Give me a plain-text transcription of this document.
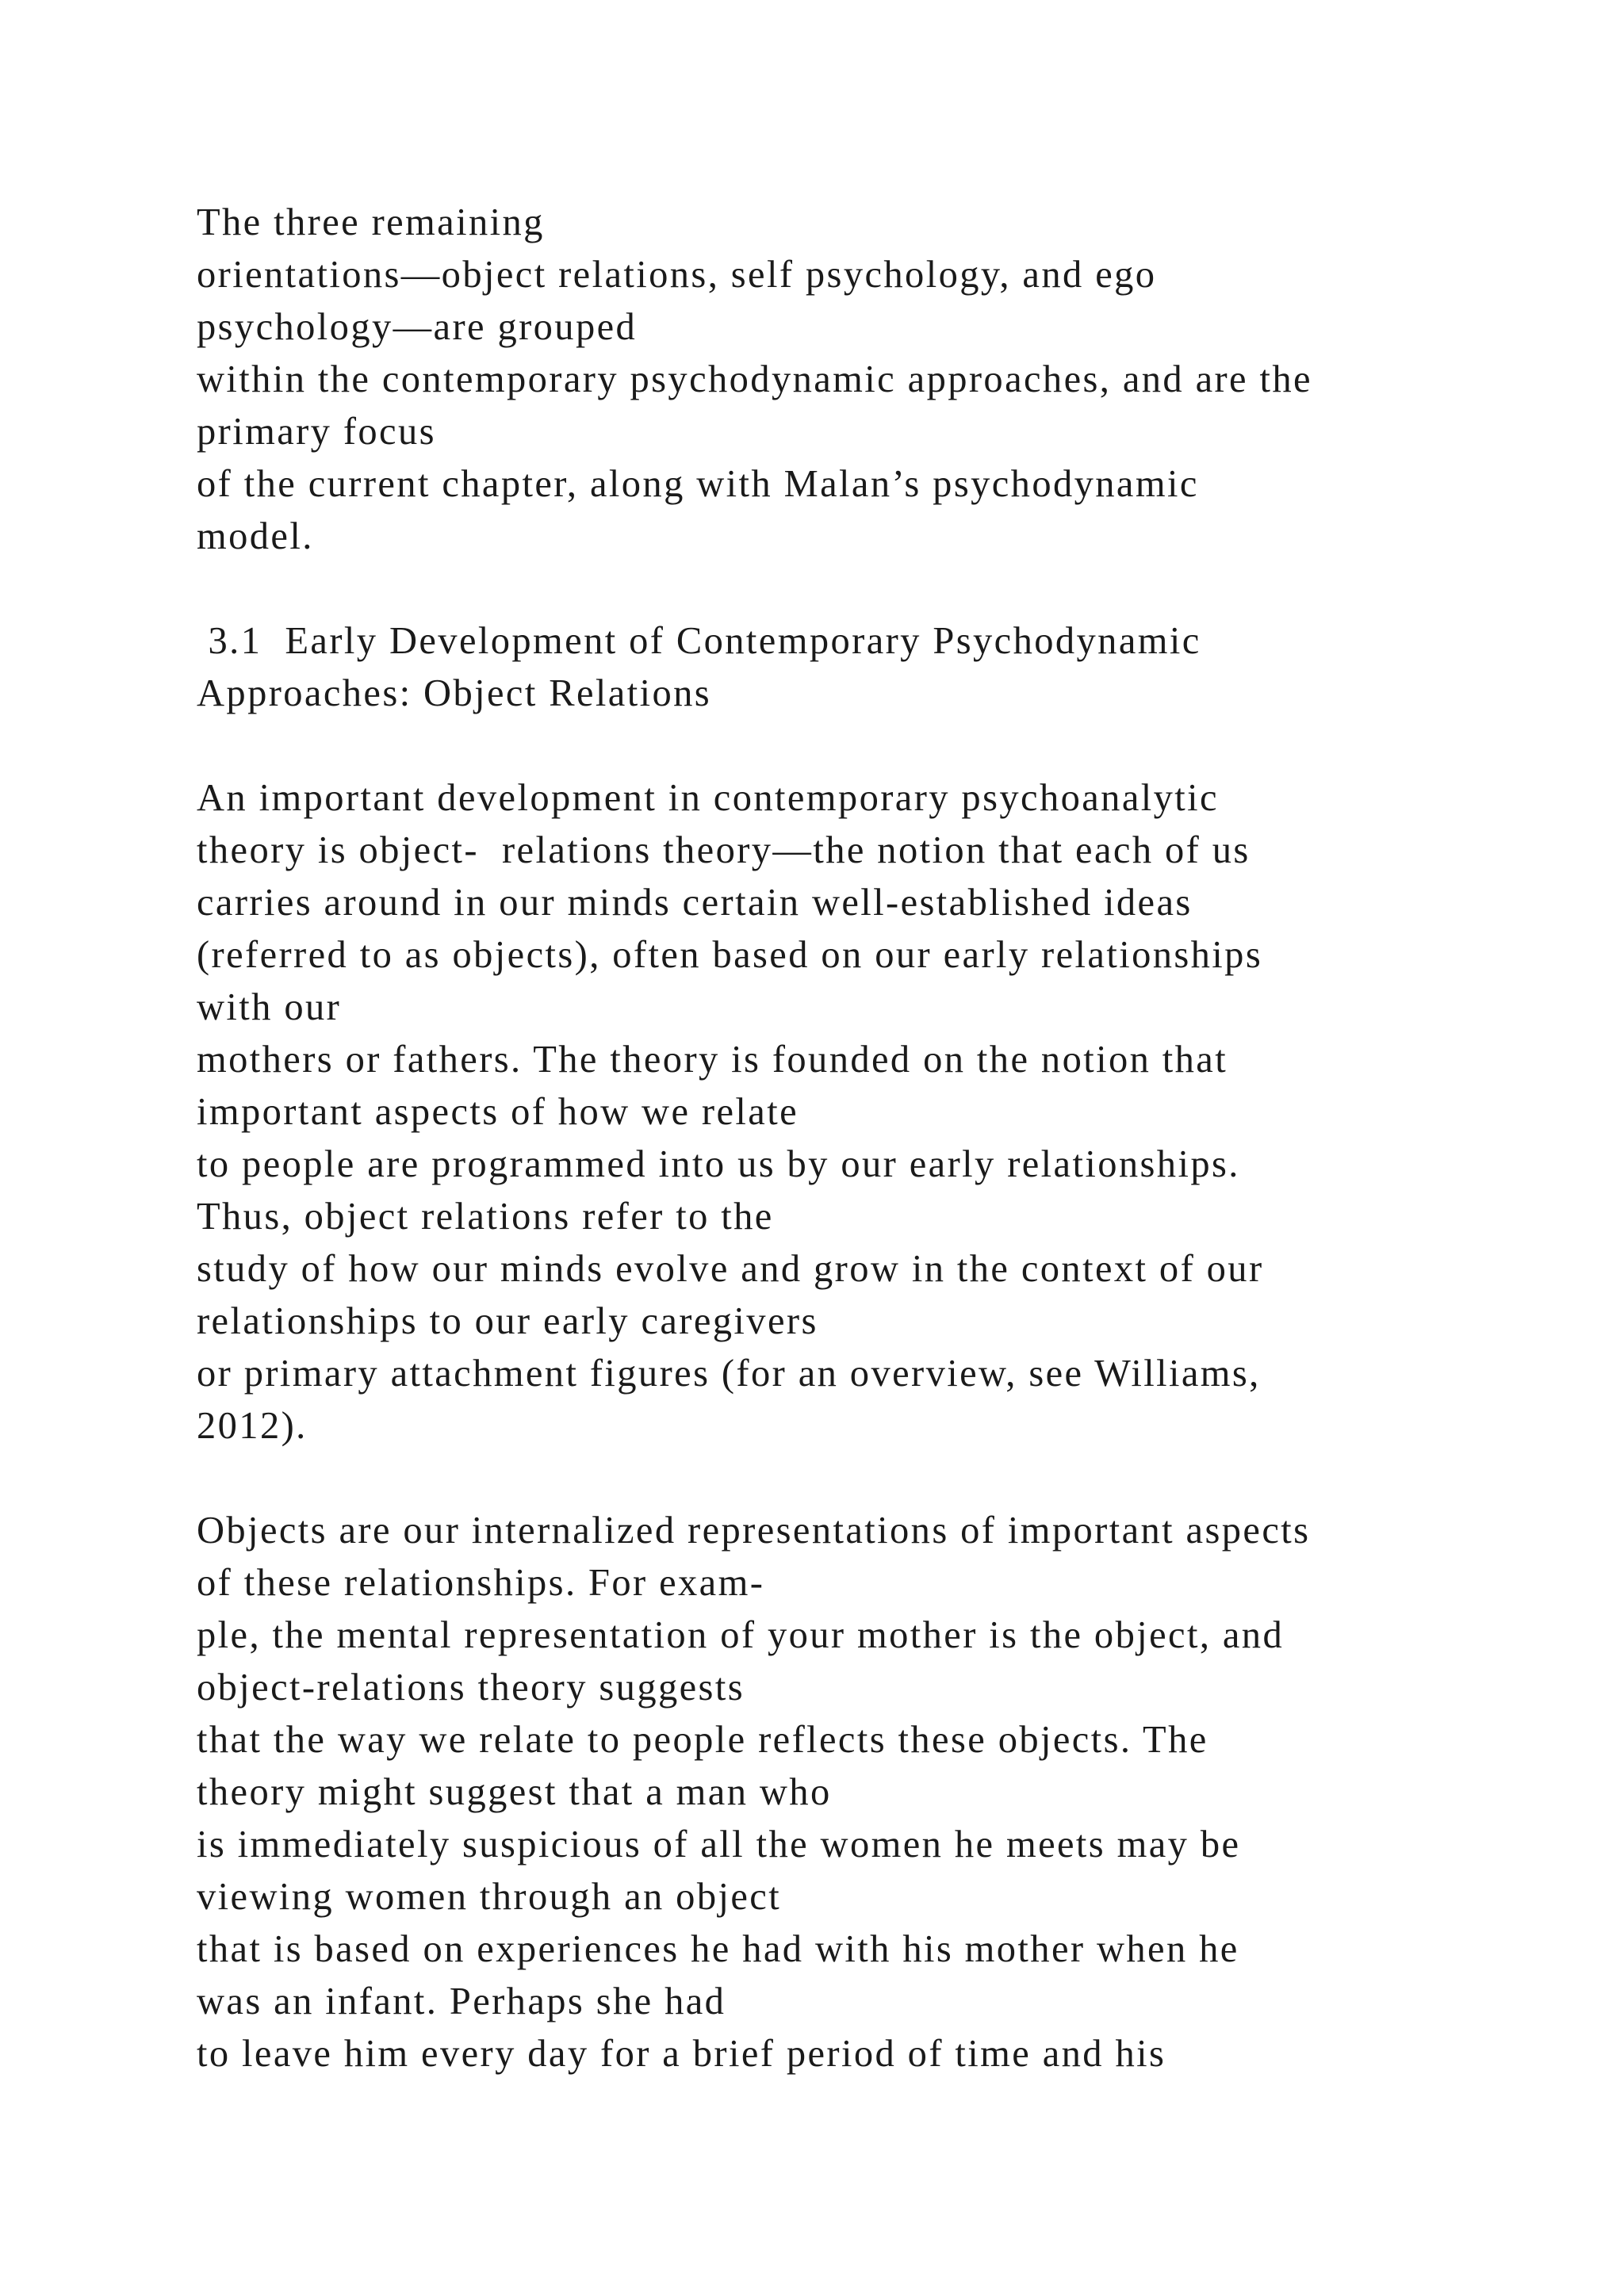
The three remaining
orientations—object relations, self psychology, and ego
psychology—are grouped
within the contemporary psychodynamic approaches, and are the
primary focus
of the current chapter, along with Malan’s psychodynamic
model.
3.1  Early Development of Contemporary Psychodynamic
Approaches: Object Relations
An important development in contemporary psychoanalytic
theory is object-  relations theory—the notion that each of us
carries around in our minds certain well-established ideas
(referred to as objects), often based on our early relationships
with our
mothers or fathers. The theory is founded on the notion that
important aspects of how we relate
to people are programmed into us by our early relationships.
Thus, object relations refer to the
study of how our minds evolve and grow in the context of our
relationships to our early caregivers
or primary attachment figures (for an overview, see Williams,
2012).
Objects are our internalized representations of important aspects
of these relationships. For exam-
ple, the mental representation of your mother is the object, and
object-relations theory suggests
that the way we relate to people reflects these objects. The
theory might suggest that a man who
is immediately suspicious of all the women he meets may be
viewing women through an object
that is based on experiences he had with his mother when he
was an infant. Perhaps she had
to leave him every day for a brief period of time and his
